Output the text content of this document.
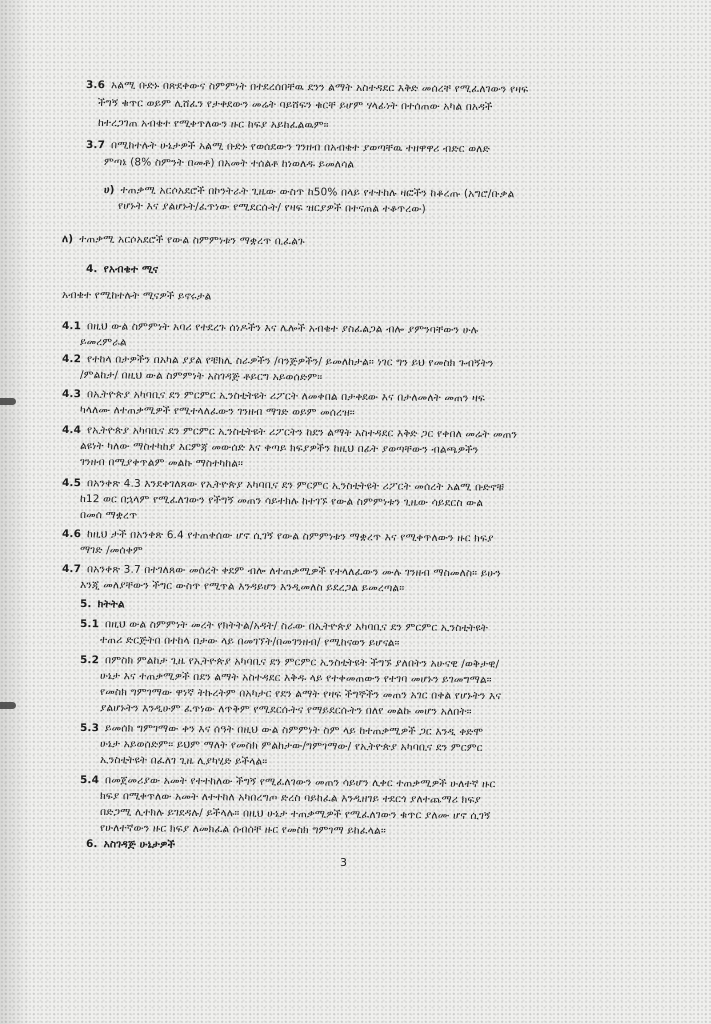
3.6 አልሚ ቡድኑ በጽደቀውና ስምምነት በተደረሰበቸዉ ደንን ልማት አስተዳደር እቅድ መሰረቸ የሚፈለገውን የዛፍ
ችግኝ ቁጥር ወይም ሊሸፈን የታቀደውን መሬት ባይሸፍን ቁርቸ ይሆም ሃላፊነት በተሰጠው አካል በአዳች
ከተረጋገጠ አብቄተ የሚቀጥለውን ዙር ከፍያ አይከፈልዉም።
3.7 በሚከተሉት ሁኔታዎች አልሚ ቡድኑ የወሰደውን ገንዘብ በአብቄተ ያወጣቸዉ ተዘዋዋሪ ብድር ወለድ
ምጣኔ (8% ስምንት በመቶ) በአመት ተሰልቶ ከነወለዱ ይመለሳል
ሀ) ተጠቃሚ አርሶአደሮች በኮንትራት ጊዜው ውስጥ ከ50% በላይ የተተከሉ ዛፎችን ከቆረጡ (አግሮ/ቡቃል
የሆኑት እና ያልሆኑት/ፈጥነው የሚደርሱት/ የዛፍ ዝርያዎች በተናጠል ተቆጥረው)
ለ) ተጠቃሚ አርሶአደሮች የውል ስምምነቱን ማቋረጥ ቢፈልጉ
4. የአብቄተ ሚና
አብቄተ የሚከተሉት ሚናዎች ይኖሩታል
4.1 በዚህ ውል ስምምነት አባሪ የተደረጉ ሰነዶችን እና ሌሎች አብቄተ ያስፈልጋል ብሎ ያምንባቸውን ሁሉ
ይመረምራል
4.2 የተከላ በታዎችን በአካል ያያል የቼክሊ ስራዎችን /ባንጅዎችን/ ይመለከታል። ነገር ግን ይህ የመስክ ጉብኝትን
/ምልከታ/ በዚህ ውል ስምምነት አስገዳጅ ቶይርግ አይወሰድም።
4.3 በኢትዮጵያ አካባቢና ደን ምርምር ኢንስቲትዩት ሪፖርት ለመቀበል በታቀደው እና በታለመለት መጠን ዛፍ
ካላለሙ ለተጠቃሚዎች የሚተላለፈውን ገንዘብ ማገድ ወይም መሰረዝ።
4.4 የኢትዮጵያ አካባቢና ደን ምርምር ኢንስቲትዩት ሪፖርትን ከደን ልማት አስተዳደር እቅድ ጋር የቀበለ መሬት መጠን
ልዩነት ካለው ማስተካከያ እርምጃ መውሰድ እና ቀጣይ ክፍያዎችን ከዚህ በፊት ያወጣቸውን ብልጫዎችን
ገንዘብ በሚያቀጥልም መልኩ ማስተካከል።
4.5 በአንቀጽ 4.3 እንደቀገለጸው የኢትዮጵያ አካባቢና ደን ምርምር ኢንስቲትዩት ሪፖርት መሰረት አልሚ ቡድኖቹ
ከ12 ወር በኋላም የሚፈለገውን የችግኝ መጠን ሳይተክሉ ከተገኙ የውል ስምምነቱን ጊዜው ሳይደርስ ውል
በመሰ ማቋረጥ
4.6 ከዚህ ታች በአንቀጽ 6.4 የተጠቀሰው ሆኖ ሲገኝ የውል ስምምነቱን ማቋረጥ እና የሚቀጥለውን ዙር ክፍያ
ማገድ /መሰቀም
4.7 በአንቀጽ 3.7 በተገለጸው መሰረት ቀደም ብሎ ለተጠቃሚዎች የተላለፈውን ሙሉ ገንዘብ ማስመለስ። ይሁን
እንጂ መለያቸውን ችግር ውስጥ የሚጥል እንዳይሆን እንዲመለስ ይደረጋል ይመረጣል።
5. ክትትል
5.1 በዚህ ውል ስምምነት መረት የክትትል/አዳት/ ስራው በኢትዮጵያ አካባቢና ደን ምርምር ኢንስቲትዩት
ተጠሪ ድርጅትበ በተከላ በታው ላይ በመገኘት/በመገንዘብ/ የሚከናወን ይሆናል።
5.2 በምስክ ምልከታ ጊዜ የኢትዮጵያ አካባቢና ደን ምርምር ኢንስቲትዩት ችግኙ ያለበትን አሁናዊ /ወቅታዊ/
ሁኔታ እና ተጠቃሚዎች በደን ልማት አስተዳደር እቅዱ ላይ የተቀመጠውን የተገባ መሆኑን ይገመግማል።
የመስክ ግምገማው ዋነኛ ትኩረትም በአካታር የደን ልማት የዛፍ ችግኞችን መጠን አገር በቀል የሆኑትን እና
ያልሆኑትን እንዲሁም ፈጥነው ለጥቅም የሚደርሱትና የማይደርሱትን በለየ መልኩ መሆን አለበት።
5.3 ይመሰክ ግምገማው ቀን እና ሰዓት በዚህ ውል ስምምነት ስም ላይ ከተጠቃሚዎች ጋር እንዲ ቀድሞ
ሁኔታ አይወሰድም። ይህም ማለት የመስክ ምልከታው/ግምገማው/ የኢትዮጵያ አካባቢና ደን ምርምር
ኢንስቲትዩት በፈለገ ጊዜ ሊያካሂድ ይችላል።
5.4 በመጀመሪያው አመት የተተከለው ችግኝ የሚፈለገውን መጠን ሳይሆን ሊቀር ተጠቃሚዎች ሁለተኛ ዙር
ክፍያ በሚቀጥለው አመት ለተተከለ አካበረግጦ ድረስ ባይከፈል እንዲዘገይ ተደርጎ ያለተጨማሪ ክፍያ
በድጋሚ ሊተክሉ ይገደዳሉ/ ይችላሉ። በዚህ ሁኔታ ተጠቃሚዎች የሚፈለገውን ቁጥር ያለሙ ሆኖ ሲገኝ
የሁለተኛውን ዙር ክፍያ ለመክፈል ሰብሰቸ ዙር የመስክ ግምገማ ይከፈላል።
6. አስገዳጅ ሁኔታዎች
3
